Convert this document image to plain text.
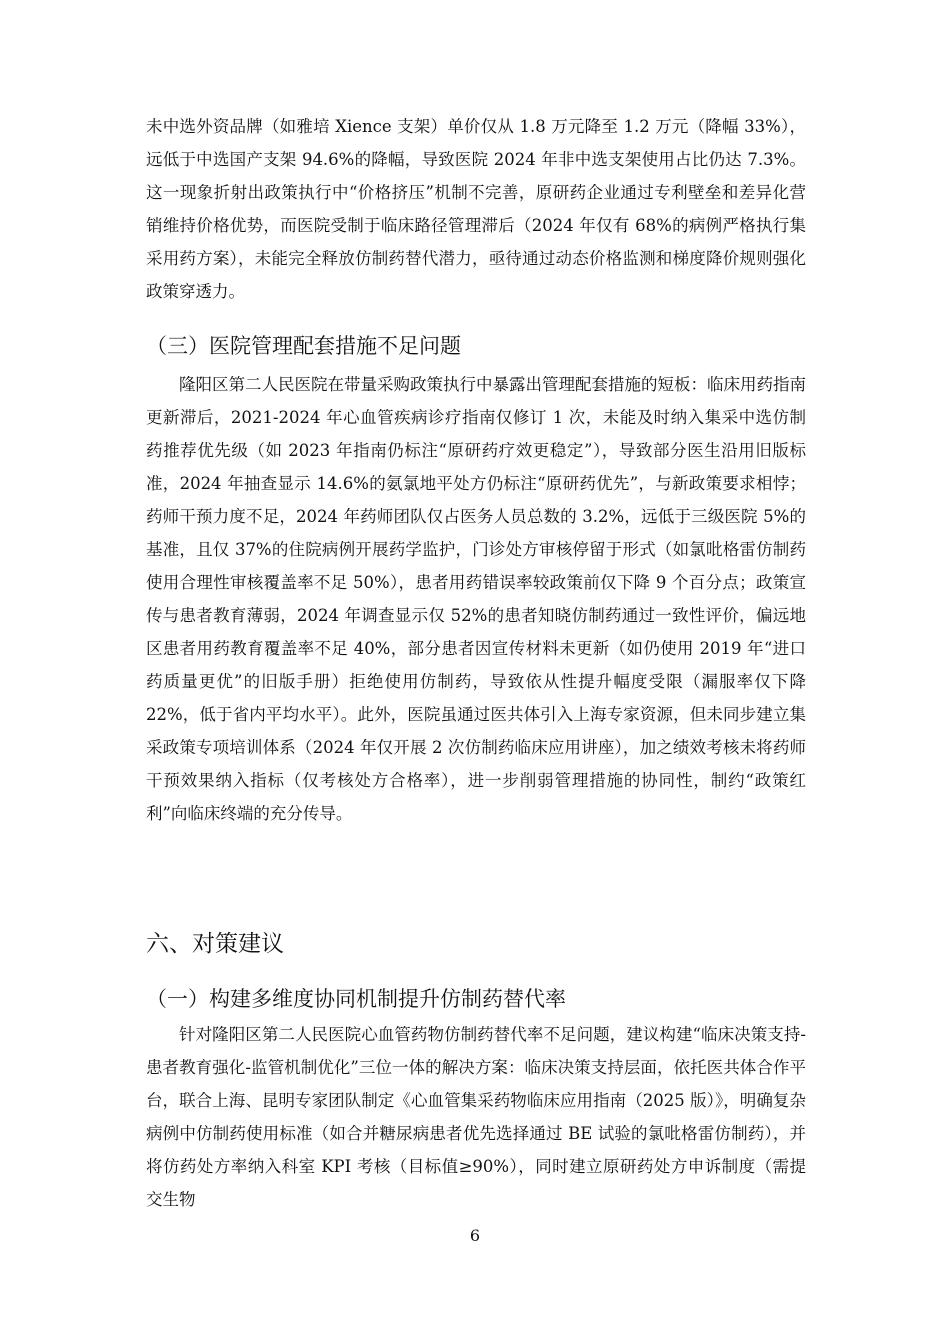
未中选外资品牌（如雅培 Xience 支架）单价仅从 1.8 万元降至 1.2 万元（降幅 33%），远低于中选国产支架 94.6%的降幅，导致医院 2024 年非中选支架使用占比仍达 7.3%。这一现象折射出政策执行中“价格挤压”机制不完善，原研药企业通过专利壁垒和差异化营销维持价格优势，而医院受制于临床路径管理滞后（2024 年仅有 68%的病例严格执行集采用药方案），未能完全释放仿制药替代潜力，亟待通过动态价格监测和梯度降价规则强化政策穿透力。

（三）医院管理配套措施不足问题

隆阳区第二人民医院在带量采购政策执行中暴露出管理配套措施的短板：临床用药指南更新滞后，2021-2024 年心血管疾病诊疗指南仅修订 1 次，未能及时纳入集采中选仿制药推荐优先级（如 2023 年指南仍标注“原研药疗效更稳定”），导致部分医生沿用旧版标准，2024 年抽查显示 14.6%的氨氯地平处方仍标注“原研药优先”，与新政策要求相悖；药师干预力度不足，2024 年药师团队仅占医务人员总数的 3.2%，远低于三级医院 5%的基准，且仅 37%的住院病例开展药学监护，门诊处方审核停留于形式（如氯吡格雷仿制药使用合理性审核覆盖率不足 50%），患者用药错误率较政策前仅下降 9 个百分点；政策宣传与患者教育薄弱，2024 年调查显示仅 52%的患者知晓仿制药通过一致性评价，偏远地区患者用药教育覆盖率不足 40%，部分患者因宣传材料未更新（如仍使用 2019 年“进口药质量更优”的旧版手册）拒绝使用仿制药，导致依从性提升幅度受限（漏服率仅下降 22%，低于省内平均水平）。此外，医院虽通过医共体引入上海专家资源，但未同步建立集采政策专项培训体系（2024 年仅开展 2 次仿制药临床应用讲座），加之绩效考核未将药师干预效果纳入指标（仅考核处方合格率），进一步削弱管理措施的协同性，制约“政策红利”向临床终端的充分传导。

六、对策建议
（一）构建多维度协同机制提升仿制药替代率

针对隆阳区第二人民医院心血管药物仿制药替代率不足问题，建议构建“临床决策支持-患者教育强化-监管机制优化”三位一体的解决方案：临床决策支持层面，依托医共体合作平台，联合上海、昆明专家团队制定《心血管集采药物临床应用指南（2025 版）》，明确复杂病例中仿制药使用标准（如合并糖尿病患者优先选择通过 BE 试验的氯吡格雷仿制药），并将仿药处方率纳入科室 KPI 考核（目标值≥90%），同时建立原研药处方申诉制度（需提交生物

6
